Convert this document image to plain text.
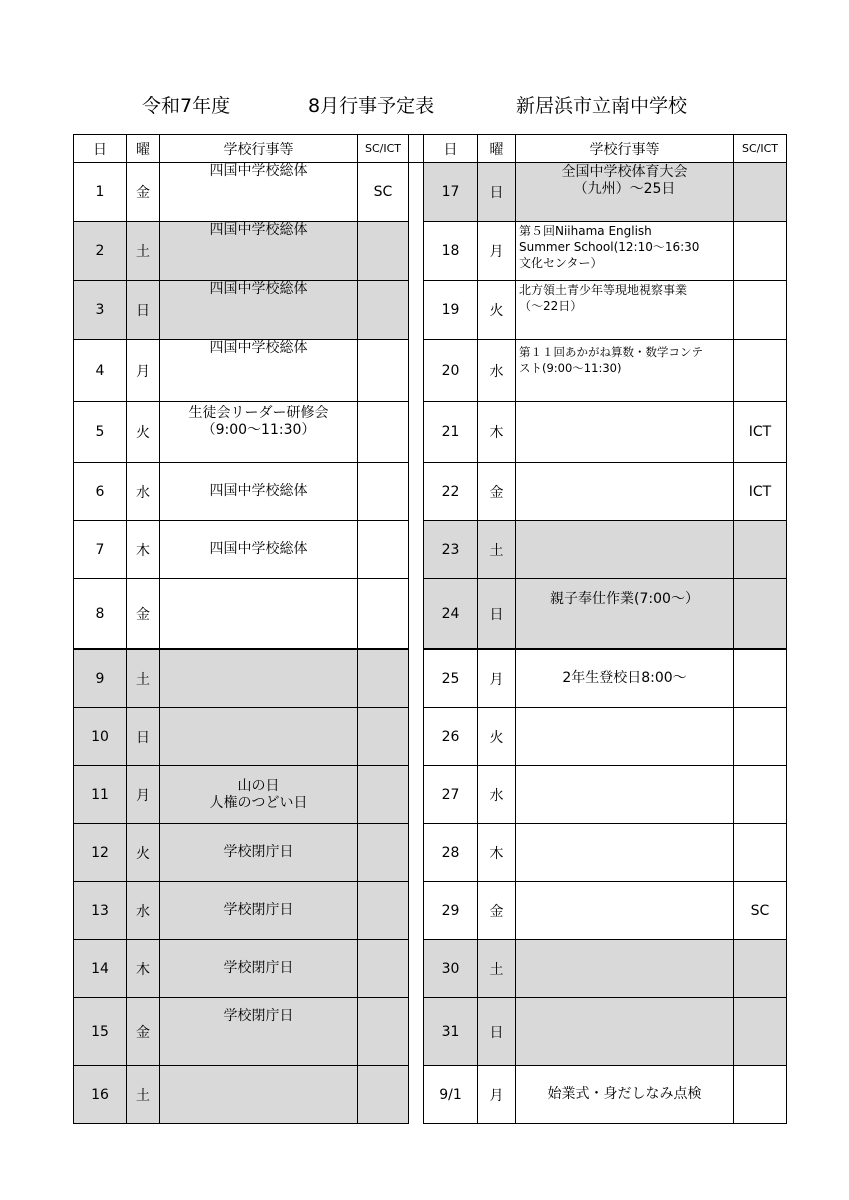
令和7年度	8月行事予定表	新居浜市立南中学校
日	曜	学校行事等	SC/ICT		日	曜	学校行事等	SC/ICT
1	金	四国中学校総体	SC		17	日	全国中学校体育大会
（九州）～25日	

2	土	四国中学校総体			18	月	第５回Niihama English
Summer School(12:10～16:30
文化センター）	

3	日	四国中学校総体			19	火	北方領土青少年等現地視察事業
（～22日）	

4	月	四国中学校総体			20	水	第１１回あかがね算数・数学コンテ
スト(9:00～11:30)	

5	火	生徒会リーダー研修会
（9:00～11:30）			21	木		ICT
6	水	四国中学校総体			22	金		ICT
7	木	四国中学校総体			23	土		
8	金				24	日	親子奉仕作業(7:00～）	
9	土				25	月	2年生登校日8:00～	
10	日				26	火		
11	月	山の日
人権のつどい日			27	水		
12	火	学校閉庁日			28	木		
13	水	学校閉庁日			29	金		SC
14	木	学校閉庁日			30	土		
15	金	学校閉庁日			31	日		
16	土				9/1	月	始業式・身だしなみ点検	
